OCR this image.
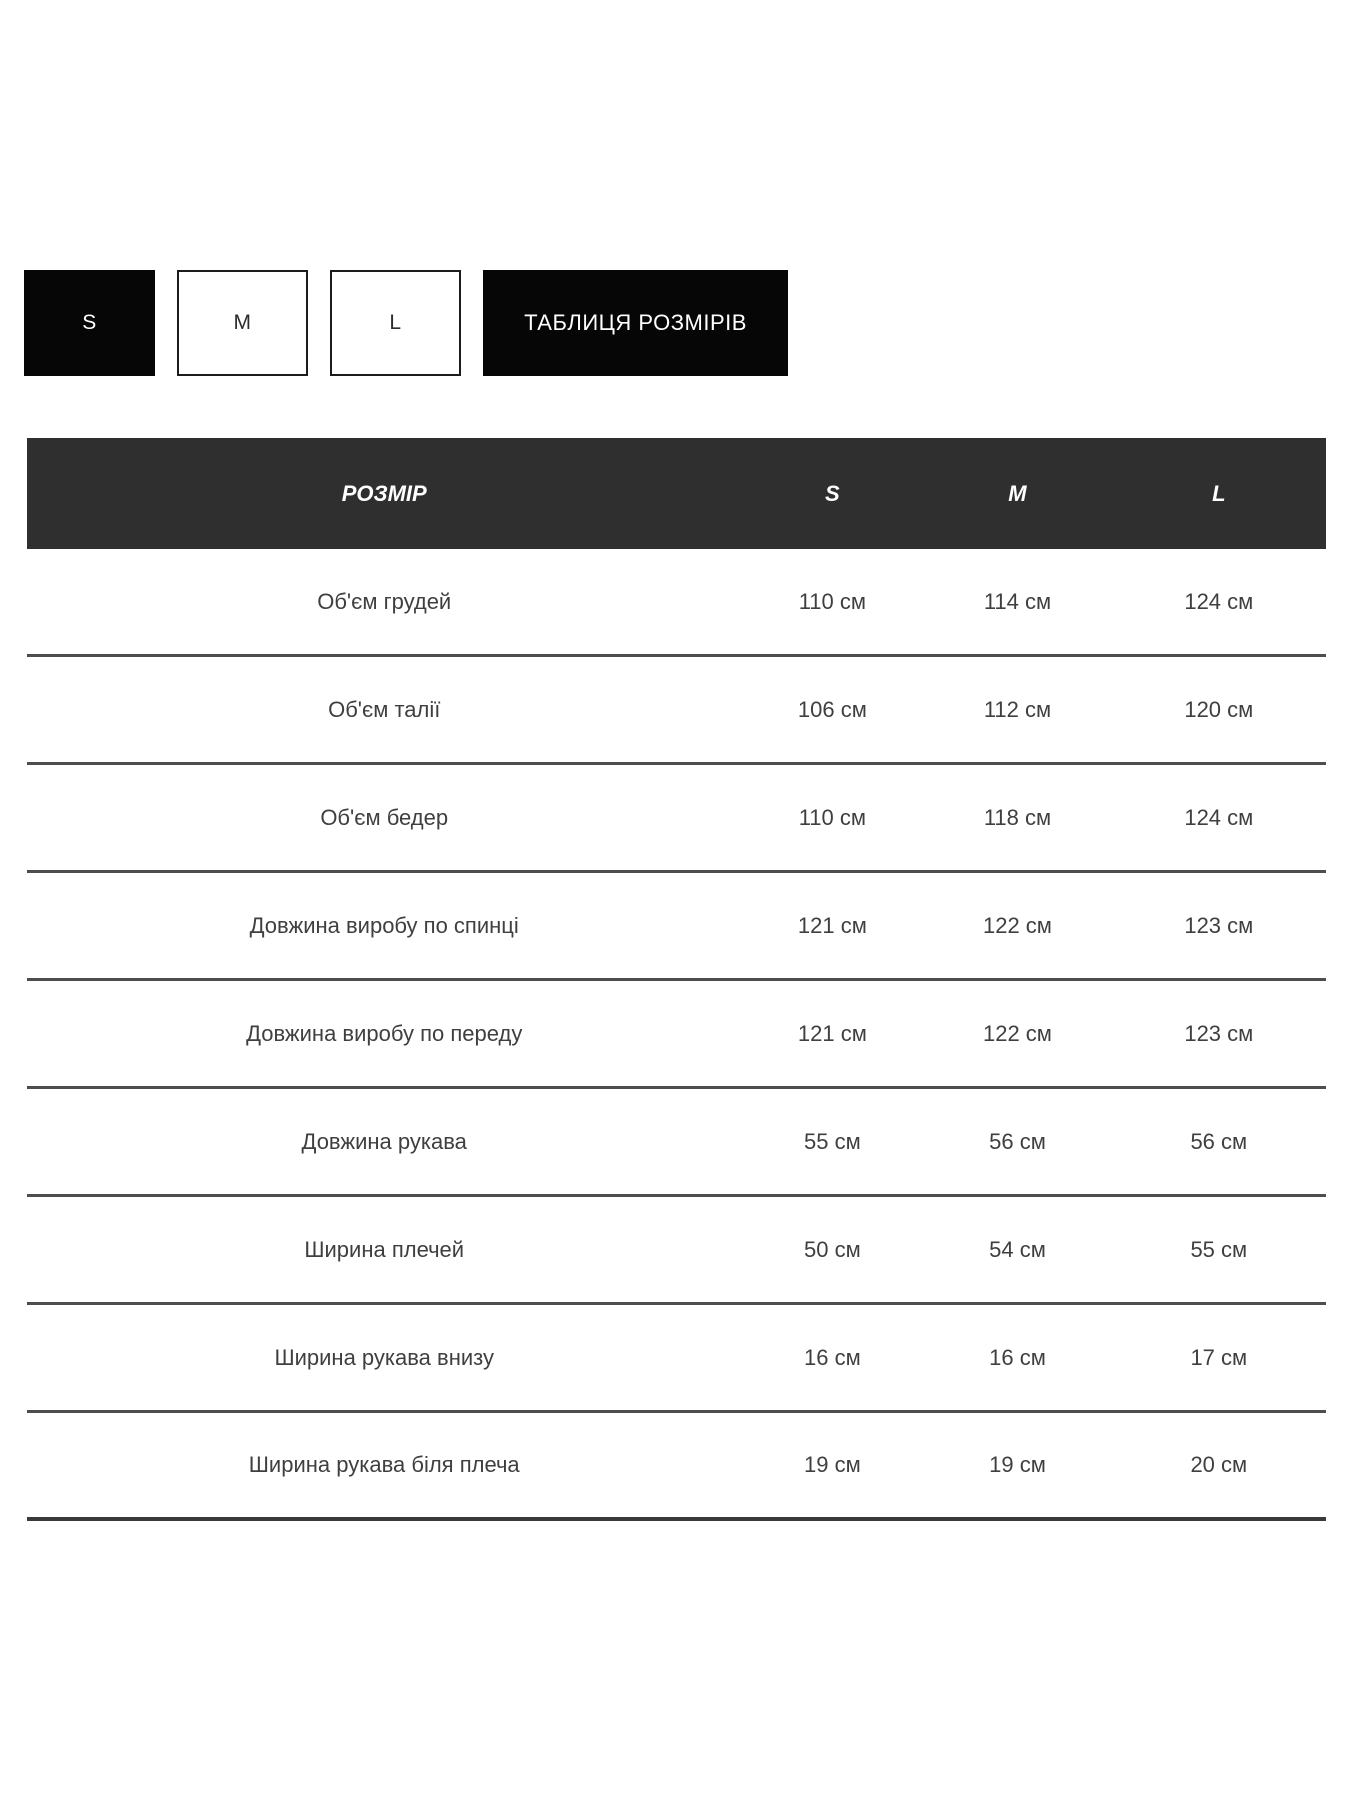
S	M	L	ТАБЛИЦЯ РОЗМІРІВ
РОЗМІР	S	M	L
Об'єм грудей	110 см	114 см	124 см
Об'єм талії	106 см	112 см	120 см
Об'єм бедер	110 см	118 см	124 см
Довжина виробу по спинці	121 см	122 см	123 см
Довжина виробу по переду	121 см	122 см	123 см
Довжина рукава	55 см	56 см	56 см
Ширина плечей	50 см	54 см	55 см
Ширина рукава внизу	16 см	16 см	17 см
Ширина рукава біля плеча	19 см	19 см	20 см
